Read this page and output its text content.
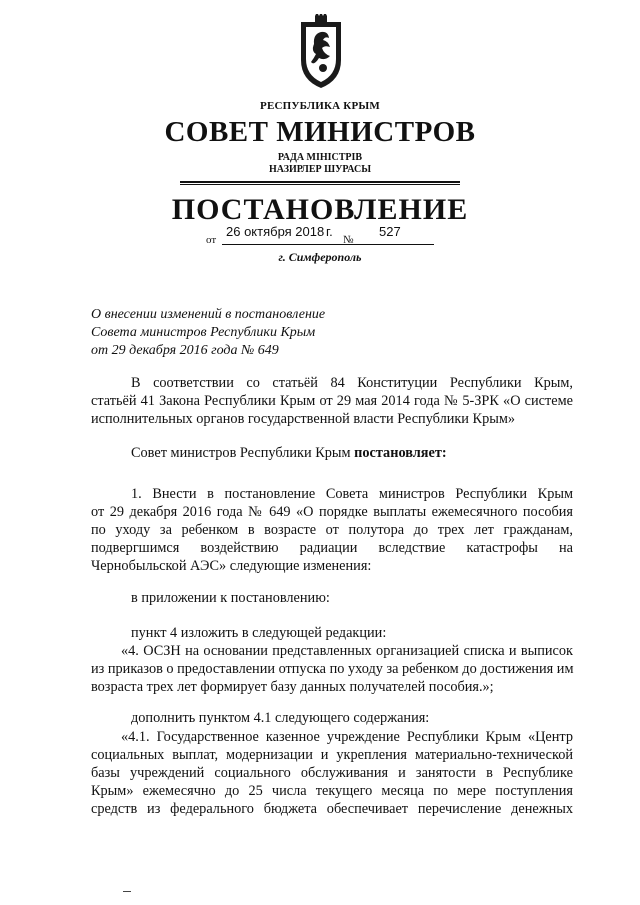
РЕСПУБЛИКА КРЫМ
СОВЕТ МИНИСТРОВ
РАДА МІНІСТРІВ
НАЗИРЛЕР ШУРАСЫ
ПОСТАНОВЛЕНИЕ
от
26 октября 2018 г.
№
527
г. Симферополь
О внесении изменений в постановление
Совета министров Республики Крым
от 29 декабря 2016 года № 649
В соответствии со статьёй 84 Конституции Республики Крым,
статьёй 41 Закона Республики Крым от 29 мая 2014 года № 5-ЗРК «О системе
исполнительных органов государственной власти Республики Крым»
Совет министров Республики Крым постановляет:
1. Внести в постановление Совета министров Республики Крым
от 29 декабря 2016 года № 649 «О порядке выплаты ежемесячного пособия
по уходу за ребенком в возрасте от полутора до трех лет гражданам,
подвергшимся воздействию радиации вследствие катастрофы на
Чернобыльской АЭС» следующие изменения:
в приложении к постановлению:
пункт 4 изложить в следующей редакции:
«4. ОСЗН на основании представленных организацией списка и выписок
из приказов о предоставлении отпуска по уходу за ребенком до достижения им
возраста трех лет формирует базу данных получателей пособия.»;
дополнить пунктом 4.1 следующего содержания:
«4.1. Государственное казенное учреждение Республики Крым «Центр
социальных выплат, модернизации и укрепления материально-технической
базы учреждений социального обслуживания и занятости в Республике
Крым» ежемесячно до 25 числа текущего месяца по мере поступления
средств из федерального бюджета обеспечивает перечисление денежных
